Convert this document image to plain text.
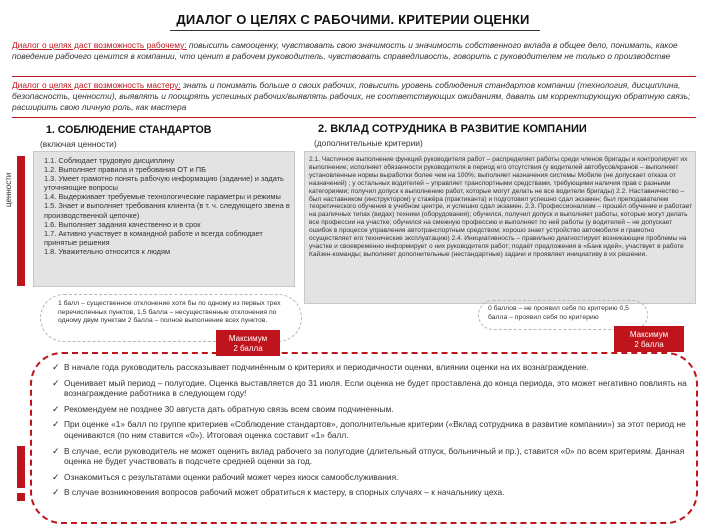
ДИАЛОГ О ЦЕЛЯХ С РАБОЧИМИ. КРИТЕРИИ ОЦЕНКИ
Диалог о целях даст возможность рабочему: повысить самооценку, чувствовать свою значимость и значимость собственного вклада в общее дело, понимать, какое поведение рабочего ценится в компании, что ценит в рабочем руководитель, чувствовать справедливость, говорить с руководителем не только о производстве
Диалог о целях даст возможность мастеру: знать и понимать больше о своих рабочих, повысить уровень соблюдения стандартов компании (технология, дисциплина, безопасность, ценности), выявлять и поощрять успешных рабочих/выявлять рабочих, не соответствующих ожиданиям, давать им корректирующую обратную связь; расширить свою личную роль, как мастера
1. СОБЛЮДЕНИЕ СТАНДАРТОВ
(включая ценности)
2. ВКЛАД СОТРУДНИКА В РАЗВИТИЕ КОМПАНИИ
(дополнительные критерии)
ценности
1.1. Соблюдает трудовую дисциплину
1.2. Выполняет правила и требования ОТ и ПБ
1.3. Умеет грамотно понять рабочую информацию (задание) и задать уточняющие вопросы
1.4. Выдерживает требуемые технологические параметры и режимы
1.5. Знает и выполняет требования клиента (в т. ч. следующего звена в производственной цепочке)
1.6. Выполняет задания качественно и в срок
1.7. Активно участвует в командной работе и всегда соблюдает принятые решения
1.8. Уважительно относится к людям
2.1. Частичное выполнение функций руководителя работ – распределяет работы среди членов бригады и контролирует их выполнение; исполняет обязанности руководителя в период его отсутствия (у водителей автобусов/кранов – выполняет установленные нормы выработки более чем на 100%; выполняет назначения системы Мобиле (не допускает отказа от назначений) ; у остальных водителей – управляет транспортными средствами, требующими наличия прав с разными категориями; получил допуск к выполнению работ, которые могут делать не все водители бригады) 2.2. Наставничество – был наставником (инструктором) у стажёра (практиканта) и подготовил успешно сдал экзамен; был преподавателем теоретического обучения в учебном центре, и успешно сдал экзамен. 2.3. Профессионализм – прошёл обучение и работает на различных типах (видах) техники (оборудования); обучился, получил допуск и выполняет работы, которые могут делать все профессии на участке; обучился на смежную профессию и выполняет по ней работы (у водителей – не допускает ошибок в процессе управления автотранспортным средством; хорошо знает устройство автомобиля и грамотно осуществляет его технические эксплуатацию) 2.4. Инициативность – правильно диагностирует возникающие проблемы на участке и своевременно информирует о них руководителя работ; подаёт предложения в «Банк идей», участвует в работе Кайзен-команды; выполняет дополнительные (нестандартные) задачи и проявляет инициативу в их решении.
1 балл – существенное отклонение хотя бы по одному из первых трех перечисленных пунктов, 1,5 балла – несущественные отклонения по одному двум пунктам 2 балла – полное выполнение всех пунктов.
Максимум
2 балла
0 баллов – не проявил себя по критерию 0,5 балла – проявил себя по критерию
Максимум
2 балла
✓ В начале года руководитель рассказывает подчинённым о критериях и периодичности оценки, влиянии оценки на их вознаграждение.
✓ Оценивает мый период – полугодие. Оценка выставляется до 31 июля. Если оценка не будет проставлена до конца периода, это может негативно повлиять на вознаграждение работника в следующем году!
✓ Рекомендуем не позднее 30 августа дать обратную связь всем своим подчиненным.
✓ При оценке «1» балл по группе критериев «Соблюдение стандартов», дополнительные критерии («Вклад сотрудника в развитие компании») за этот период не оцениваются (по ним ставится «0»). Итоговая оценка составит «1» балл.
✓ В случае, если руководитель не может оценить вклад рабочего за полугодие (длительный отпуск, больничный и пр.), ставится «0» по всем критериям. Данная оценка не будет участвовать в подсчете средней оценки за год.
✓ Ознакомиться с результатами оценки рабочий может через киоск самообслуживания.
✓ В случае возникновения вопросов рабочий может обратиться к мастеру, в спорных случаях – к начальнику цеха.
